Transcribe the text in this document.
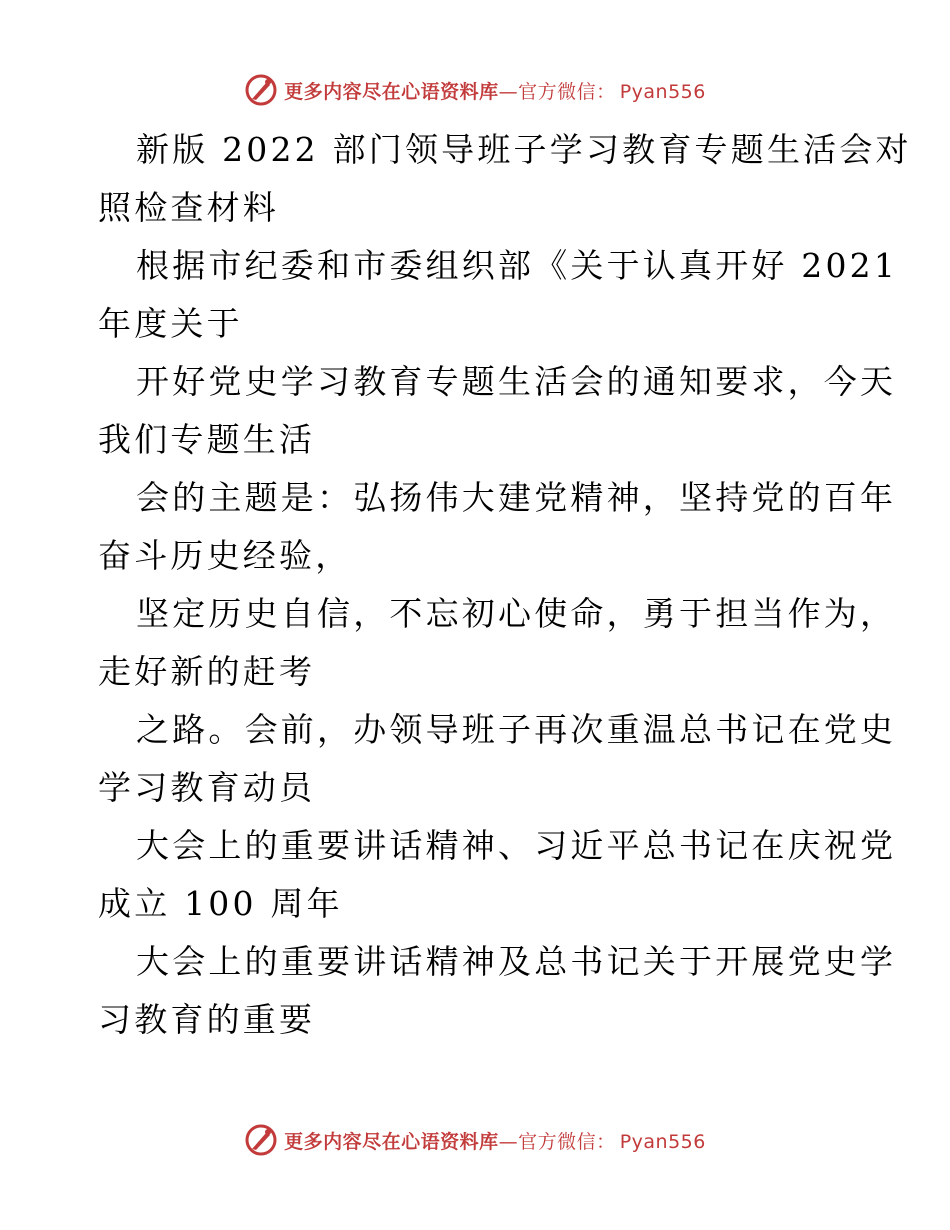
更多内容尽在心语资料库—官方微信： Pyan556
新版 2022 部门领导班子学习教育专题生活会对
照检查材料
根据市纪委和市委组织部《关于认真开好 2021
年度关于
开好党史学习教育专题生活会的通知要求，今天
我们专题生活
会的主题是：弘扬伟大建党精神，坚持党的百年
奋斗历史经验，
坚定历史自信，不忘初心使命，勇于担当作为，
走好新的赶考
之路。会前，办领导班子再次重温总书记在党史
学习教育动员
大会上的重要讲话精神、习近平总书记在庆祝党
成立 100 周年
大会上的重要讲话精神及总书记关于开展党史学
习教育的重要
更多内容尽在心语资料库—官方微信： Pyan556
